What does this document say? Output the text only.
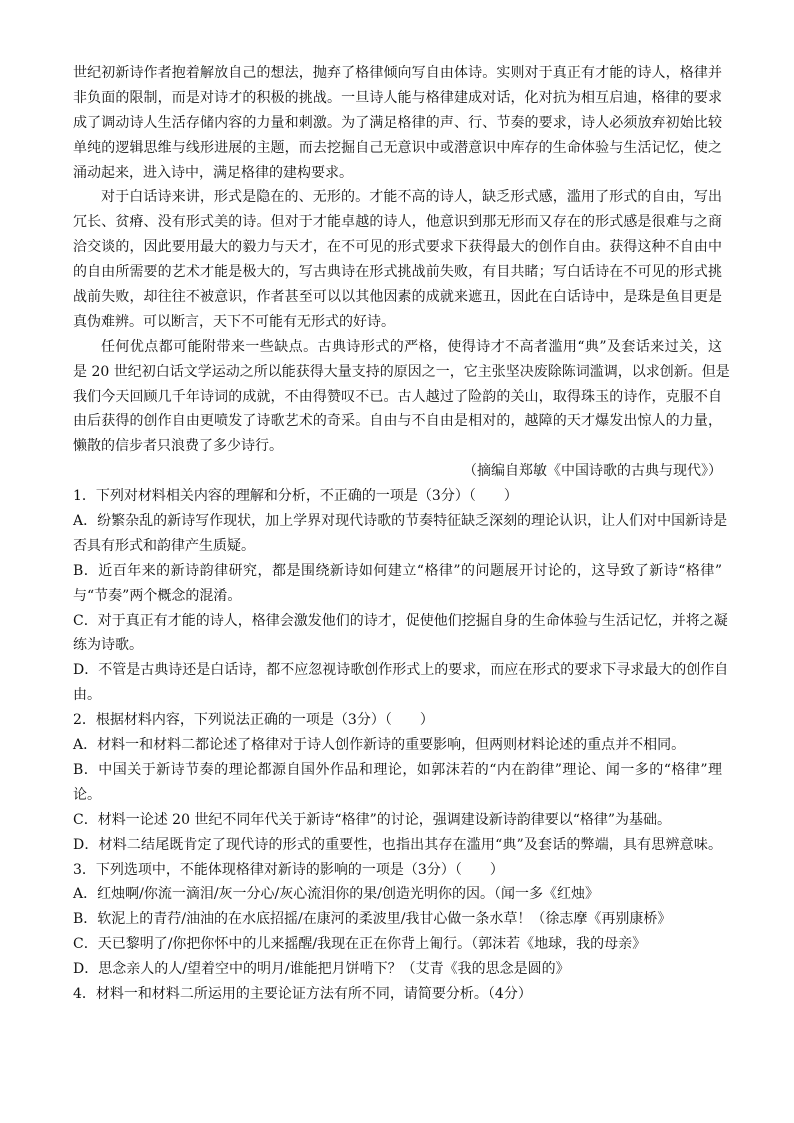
世纪初新诗作者抱着解放自己的想法，抛弃了格律倾向写自由体诗。实则对于真正有才能的诗人，格律并
非负面的限制，而是对诗才的积极的挑战。一旦诗人能与格律建成对话，化对抗为相互启迪，格律的要求
成了调动诗人生活存储内容的力量和刺激。为了满足格律的声、行、节奏的要求，诗人必须放弃初始比较
单纯的逻辑思维与线形进展的主题，而去挖掘自己无意识中或潜意识中库存的生命体验与生活记忆，使之
涌动起来，进入诗中，满足格律的建构要求。
对于白话诗来讲，形式是隐在的、无形的。才能不高的诗人，缺乏形式感，滥用了形式的自由，写出
冗长、贫瘠、没有形式美的诗。但对于才能卓越的诗人，他意识到那无形而又存在的形式感是很难与之商
洽交谈的，因此要用最大的毅力与天才，在不可见的形式要求下获得最大的创作自由。获得这种不自由中
的自由所需要的艺术才能是极大的，写古典诗在形式挑战前失败，有目共睹；写白话诗在不可见的形式挑
战前失败，却往往不被意识，作者甚至可以以其他因素的成就来遮丑，因此在白话诗中，是珠是鱼目更是
真伪难辨。可以断言，天下不可能有无形式的好诗。
任何优点都可能附带来一些缺点。古典诗形式的严格，使得诗才不高者滥用“典”及套话来过关，这
是 20 世纪初白话文学运动之所以能获得大量支持的原因之一，它主张坚决废除陈词滥调，以求创新。但是
我们今天回顾几千年诗词的成就，不由得赞叹不已。古人越过了险韵的关山，取得珠玉的诗作，克服不自
由后获得的创作自由更喷发了诗歌艺术的奇采。自由与不自由是相对的，越障的天才爆发出惊人的力量，
懒散的信步者只浪费了多少诗行。
（摘编自郑敏《中国诗歌的古典与现代》）
1．下列对材料相关内容的理解和分析，不正确的一项是（3分）（　　）
A．纷繁杂乱的新诗写作现状，加上学界对现代诗歌的节奏特征缺乏深刻的理论认识，让人们对中国新诗是
否具有形式和韵律产生质疑。
B．近百年来的新诗韵律研究，都是围绕新诗如何建立“格律”的问题展开讨论的，这导致了新诗“格律”
与“节奏”两个概念的混淆。
C．对于真正有才能的诗人，格律会激发他们的诗才，促使他们挖掘自身的生命体验与生活记忆，并将之凝
练为诗歌。
D．不管是古典诗还是白话诗，都不应忽视诗歌创作形式上的要求，而应在形式的要求下寻求最大的创作自
由。
2．根据材料内容，下列说法正确的一项是（3分）（　　）
A．材料一和材料二都论述了格律对于诗人创作新诗的重要影响，但两则材料论述的重点并不相同。
B．中国关于新诗节奏的理论都源自国外作品和理论，如郭沫若的“内在韵律”理论、闻一多的“格律”理
论。
C．材料一论述 20 世纪不同年代关于新诗“格律”的讨论，强调建设新诗韵律要以“格律”为基础。
D．材料二结尾既肯定了现代诗的形式的重要性，也指出其存在滥用“典”及套话的弊端，具有思辨意味。
3．下列选项中，不能体现格律对新诗的影响的一项是（3分）（　　）
A．红烛啊/你流一滴泪/灰一分心/灰心流泪你的果/创造光明你的因。（闻一多《红烛》
B．软泥上的青荇/油油的在水底招摇/在康河的柔波里/我甘心做一条水草！（徐志摩《再别康桥》
C．天已黎明了/你把你怀中的儿来摇醒/我现在正在你背上匍行。（郭沫若《地球，我的母亲》
D．思念亲人的人/望着空中的明月/谁能把月饼啃下？（艾青《我的思念是圆的》
4．材料一和材料二所运用的主要论证方法有所不同，请简要分析。（4分）
